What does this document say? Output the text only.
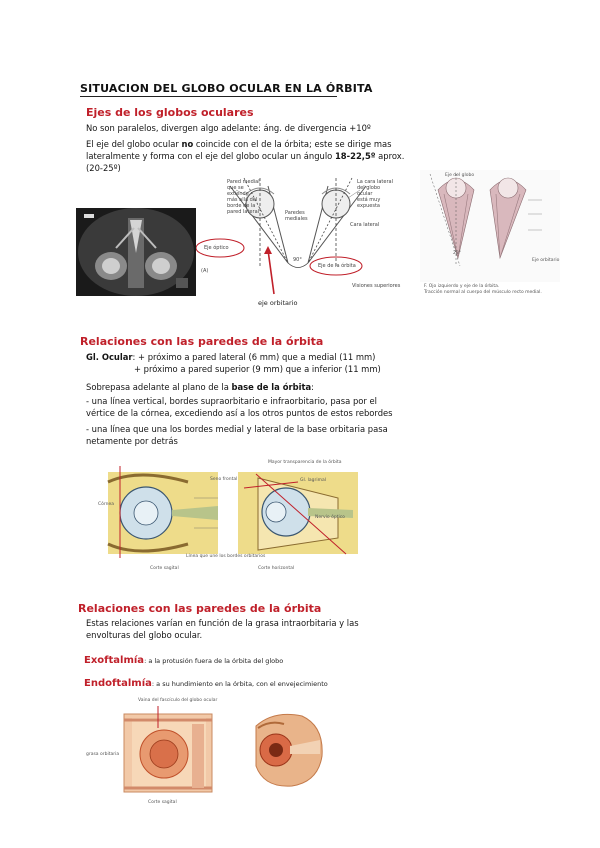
SITUACION DEL GLOBO OCULAR EN LA ÓRBITA
Ejes de los globos oculares
No son paralelos, divergen algo adelante: áng. de divergencia +10º
El eje del globo ocular no coincide con el de la órbita; este se dirige mas
lateralmente y forma con el eje del globo ocular un ángulo 18-22,5º aprox.
(20-25º)
Pared medial
que se extiende
más allá del
borde de la
pared lateral	Paredes
mediales
La cara lateral
del globo ocular
está muy
expuesta
Cara lateral
Eje óptico
Eje de la órbita
90°
(A)
Visiones superiores
eje orbitario
Eje del globo
Eje orbitario
23°
F. Ojo izquierdo y eje de la órbita.
Tracción normal al cuerpo del músculo recto medial.
Relaciones con las paredes de la órbita
Gl. Ocular: + próximo a pared lateral (6 mm) que a medial (11 mm)
+ próximo a pared superior (9 mm) que a inferior (11 mm)
Sobrepasa adelante al plano de la base de la órbita:
- una línea vertical, bordes supraorbitario e infraorbitario, pasa por el
vértice de la córnea, excediendo así a los otros puntos de estos rebordes
- una línea que una los bordes medial y lateral de la base orbitaria pasa
netamente por detrás
Mayor transparencia de la órbita
Seno frontal	Gl. lagrimal
Córnea
Nervio óptico
Línea que une los bordes orbitarios
Corte sagital	Corte horizontal
Relaciones con las paredes de la órbita
Estas relaciones varían en función de la grasa intraorbitaria y las
envolturas del globo ocular.
Exoftalmía: a la protusión fuera de la órbita del globo
Endoftalmía: a su hundimiento en la órbita, con el envejecimiento
Vaina del fascículo del globo ocular
grasa orbitaria
Corte sagital
